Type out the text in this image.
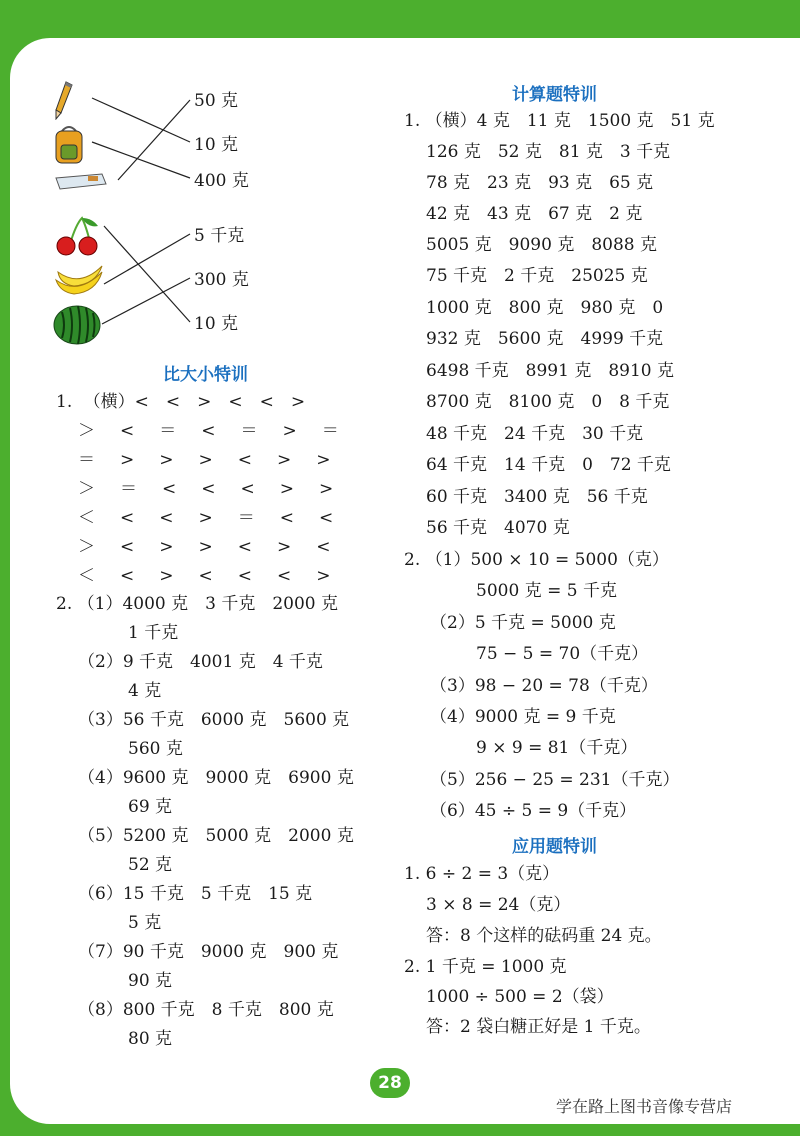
50 克
10 克
400 克
5 千克
300 克
10 克
比大小特训
1. （横）<　<　>　<　<　>
＞　<　＝　<　＝　>　＝
＝　>　>　>　<　>　>
＞　＝　<　<　<　>　>
＜　<　<　>　＝　<　<
＞　<　>　>　<　>　<
＜　<　>　<　<　<　>
2. （1）4000 克　3 千克　2000 克
1 千克
（2）9 千克　4001 克　4 千克
4 克
（3）56 千克　6000 克　5600 克
560 克
（4）9600 克　9000 克　6900 克
69 克
（5）5200 克　5000 克　2000 克
52 克
（6）15 千克　5 千克　15 克
5 克
（7）90 千克　9000 克　900 克
90 克
（8）800 千克　8 千克　800 克
80 克
计算题特训
1. （横）4 克　11 克　1500 克　51 克
126 克　52 克　81 克　3 千克
78 克　23 克　93 克　65 克
42 克　43 克　67 克　2 克
5005 克　9090 克　8088 克
75 千克　2 千克　25025 克
1000 克　800 克　980 克　0
932 克　5600 克　4999 千克
6498 千克　8991 克　8910 克
8700 克　8100 克　0　8 千克
48 千克　24 千克　30 千克
64 千克　14 千克　0　72 千克
60 千克　3400 克　56 千克
56 千克　4070 克
2. （1）500 × 10 = 5000（克）
5000 克 = 5 千克
（2）5 千克 = 5000 克
75 − 5 = 70（千克）
（3）98 − 20 = 78（千克）
（4）9000 克 = 9 千克
9 × 9 = 81（千克）
（5）256 − 25 = 231（千克）
（6）45 ÷ 5 = 9（千克）
应用题特训
1. 6 ÷ 2 = 3（克）
3 × 8 = 24（克）
答：8 个这样的砝码重 24 克。
2. 1 千克 = 1000 克
1000 ÷ 500 = 2（袋）
答：2 袋白糖正好是 1 千克。
28
学在路上图书音像专营店
